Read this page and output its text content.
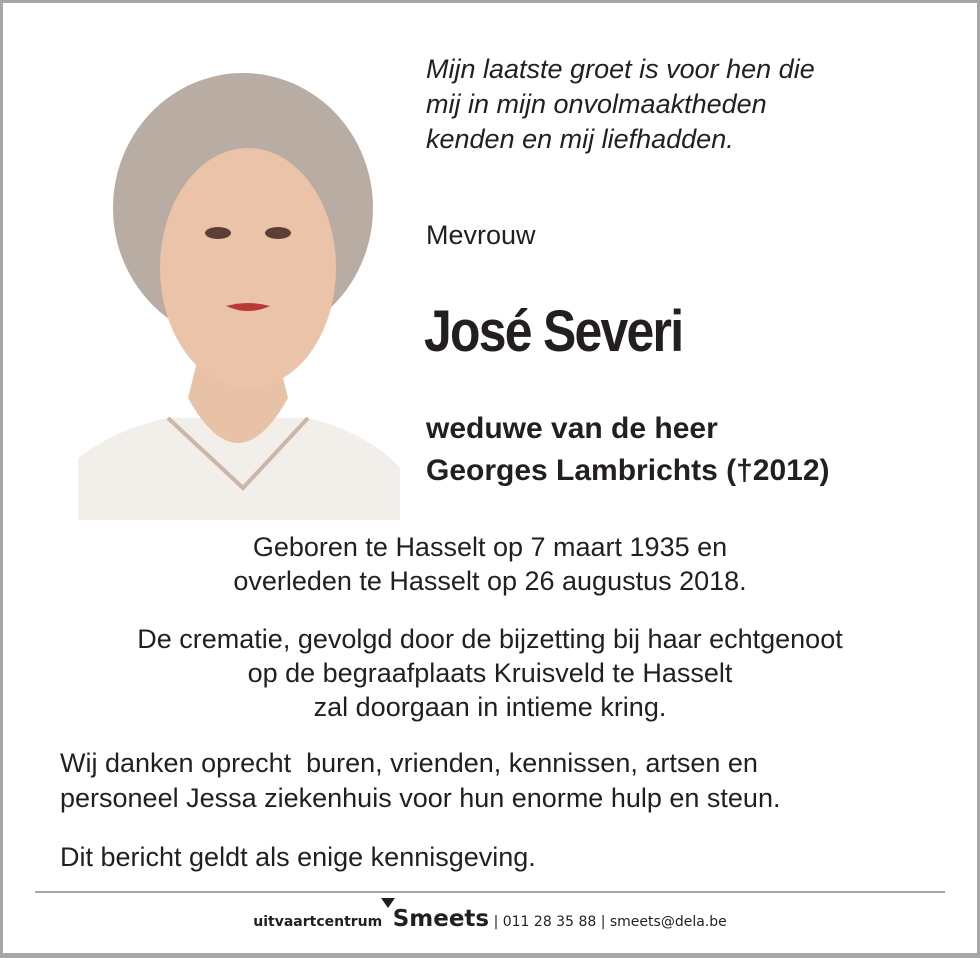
Mijn laatste groet is voor hen die
mij in mijn onvolmaaktheden
kenden en mij liefhadden.
Mevrouw
José Severi
weduwe van de heer
Georges Lambrichts (†2012)
Geboren te Hasselt op 7 maart 1935 en
overleden te Hasselt op 26 augustus 2018.
De crematie, gevolgd door de bijzetting bij haar echtgenoot
op de begraafplaats Kruisveld te Hasselt
zal doorgaan in intieme kring.
Wij danken oprecht  buren, vrienden, kennissen, artsen en
personeel Jessa ziekenhuis voor hun enorme hulp en steun.
Dit bericht geldt als enige kennisgeving.
uitvaartcentrum Smeets | 011 28 35 88 | smeets@dela.be
